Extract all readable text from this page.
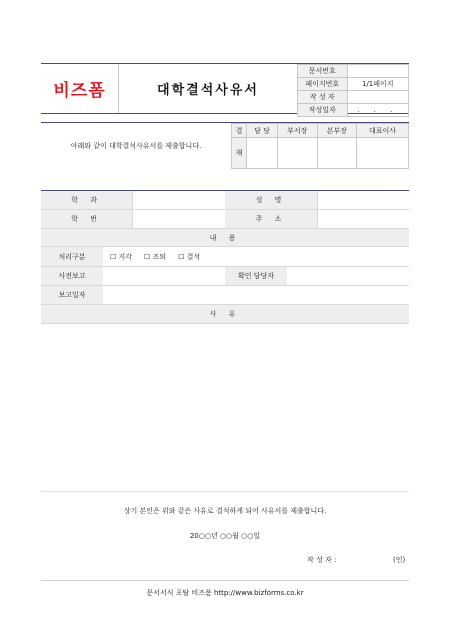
비즈폼	대학결석사유서
문서번호	
페이지번호	1/1페이지
작 성 자	
작성일자	. . .
아래와 같이 대학결석사유서를 제출합니다.
결	담 당	부서장	본부장	대표이사
재				
학 과	성 명
학 번	주 소
내 용
처리구분	☐ 지각 ☐ 조퇴 ☐ 결석
사전보고	확인 담당자
보고일자
사 유
상기 본인은 위와 같은 사유로 결석하게 되어 사유서를 제출합니다.
20○○년 ○○월 ○○일
작 성 자 :	(인)
문서서식 포탈 비즈폼 http://www.bizforms.co.kr
